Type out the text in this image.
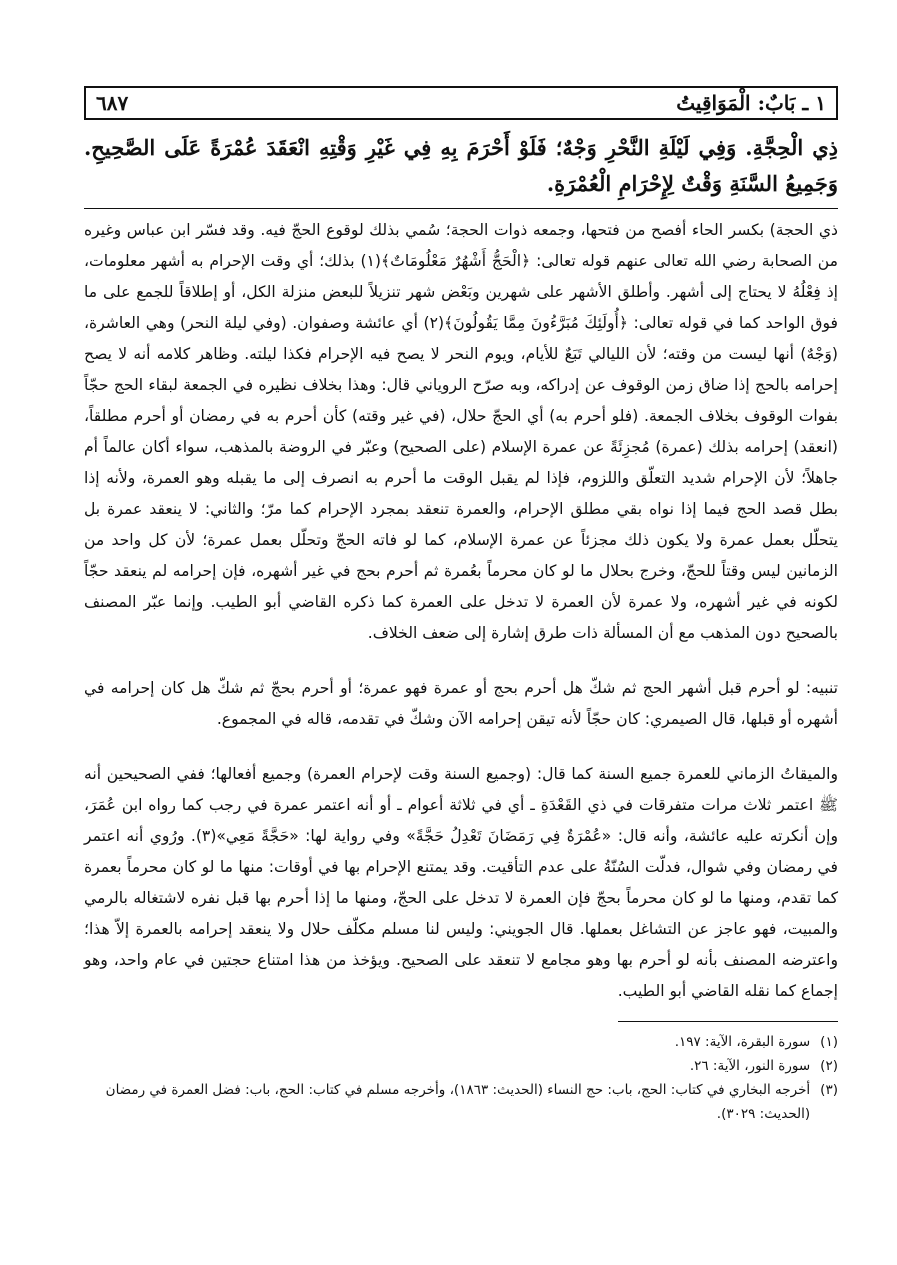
١ ـ بَابٌ: الْمَوَاقِيتُ
٦٨٧
ذِي الْحِجَّةِ. وَفِي لَيْلَةِ النَّحْرِ وَجْهٌ؛ فَلَوْ أَحْرَمَ بِهِ فِي غَيْرِ وَقْتِهِ انْعَقَدَ عُمْرَةً عَلَى الصَّحِيحِ. وَجَمِيعُ السَّنَةِ وَقْتٌ لِإِحْرَامِ الْعُمْرَةِ.

ذي الحجة) بكسر الحاء أفصح من فتحها، وجمعه ذوات الحجة؛ سُمي بذلك لوقوع الحجّ فيه. وقد فسّر ابن عباس وغيره من الصحابة رضي الله تعالى عنهم قوله تعالى: ﴿الْحَجُّ أَشْهُرٌ مَعْلُومَاتٌ﴾(١) بذلك؛ أي وقت الإحرام به أشهر معلومات، إذ فِعْلُهُ لا يحتاج إلى أشهر. وأطلق الأشهر على شهرين وبَعْض شهر تنزيلاً للبعض منزلة الكل، أو إطلاقاً للجمع على ما فوق الواحد كما في قوله تعالى: ﴿أُولَئِكَ مُبَرَّءُونَ مِمَّا يَقُولُونَ﴾(٢) أي عائشة وصفوان. (وفي ليلة النحر) وهي العاشرة، (وَجْهٌ) أنها ليست من وقته؛ لأن الليالي تَبَعٌ للأيام، ويوم النحر لا يصح فيه الإحرام فكذا ليلته. وظاهر كلامه أنه لا يصح إحرامه بالحج إذا ضاق زمن الوقوف عن إدراكه، وبه صرّح الروياني قال: وهذا بخلاف نظيره في الجمعة لبقاء الحج حجّاً بفوات الوقوف بخلاف الجمعة. (فلو أحرم به) أي الحجّ حلال، (في غير وقته) كأن أحرم به في رمضان أو أحرم مطلقاً، (انعقد) إحرامه بذلك (عمرة) مُجزِئَةً عن عمرة الإسلام (على الصحيح) وعبّر في الروضة بالمذهب، سواء أكان عالماً أم جاهلاً؛ لأن الإحرام شديد التعلّق واللزوم، فإذا لم يقبل الوقت ما أحرم به انصرف إلى ما يقبله وهو العمرة، ولأنه إذا بطل قصد الحج فيما إذا نواه بقي مطلق الإحرام، والعمرة تنعقد بمجرد الإحرام كما مرّ؛ والثاني: لا ينعقد عمرة بل يتحلّل بعمل عمرة ولا يكون ذلك مجزئاً عن عمرة الإسلام، كما لو فاته الحجّ وتحلّل بعمل عمرة؛ لأن كل واحد من الزمانين ليس وقتاً للحجّ، وخرج بحلال ما لو كان محرماً بعُمرة ثم أحرم بحج في غير أشهره، فإن إحرامه لم ينعقد حجّاً لكونه في غير أشهره، ولا عمرة لأن العمرة لا تدخل على العمرة كما ذكره القاضي أبو الطيب. وإنما عبّر المصنف بالصحيح دون المذهب مع أن المسألة ذات طرق إشارة إلى ضعف الخلاف.

تنبيه: لو أحرم قبل أشهر الحج ثم شكّ هل أحرم بحج أو عمرة فهو عمرة؛ أو أحرم بحجّ ثم شكّ هل كان إحرامه في أشهره أو قبلها، قال الصيمري: كان حجّاً لأنه تيقن إحرامه الآن وشكّ في تقدمه، قاله في المجموع.

والميقاتُ الزماني للعمرة جميع السنة كما قال: (وجميع السنة وقت لإحرام العمرة) وجميع أفعالها؛ ففي الصحيحين أنه ﷺ اعتمر ثلاث مرات متفرقات في ذي القَعْدَةِ ـ أي في ثلاثة أعوام ـ أو أنه اعتمر عمرة في رجب كما رواه ابن عُمَرَ، وإن أنكرته عليه عائشة، وأنه قال: «عُمْرَةٌ فِي رَمَضَانَ تَعْدِلُ حَجَّةً» وفي رواية لها: «حَجَّةً مَعِي»(٣). ورُوي أنه اعتمر في رمضان وفي شوال، فدلّت السُنّةُ على عدم التأقيت. وقد يمتنع الإحرام بها في أوقات: منها ما لو كان محرماً بعمرة كما تقدم، ومنها ما لو كان محرماً بحجّ فإن العمرة لا تدخل على الحجّ، ومنها ما إذا أحرم بها قبل نفره لاشتغاله بالرمي والمبيت، فهو عاجز عن التشاغل بعملها. قال الجويني: وليس لنا مسلم مكلّف حلال ولا ينعقد إحرامه بالعمرة إلاّ هذا؛ واعترضه المصنف بأنه لو أحرم بها وهو مجامع لا تنعقد على الصحيح. ويؤخذ من هذا امتناع حجتين في عام واحد، وهو إجماع كما نقله القاضي أبو الطيب.

(١)
سورة البقرة، الآية: ١٩٧.
(٢)
سورة النور، الآية: ٢٦.
(٣)
أخرجه البخاري في كتاب: الحج، باب: حج النساء (الحديث: ١٨٦٣)، وأخرجه مسلم في كتاب: الحج، باب: فضل العمرة في رمضان (الحديث: ٣٠٢٩).
